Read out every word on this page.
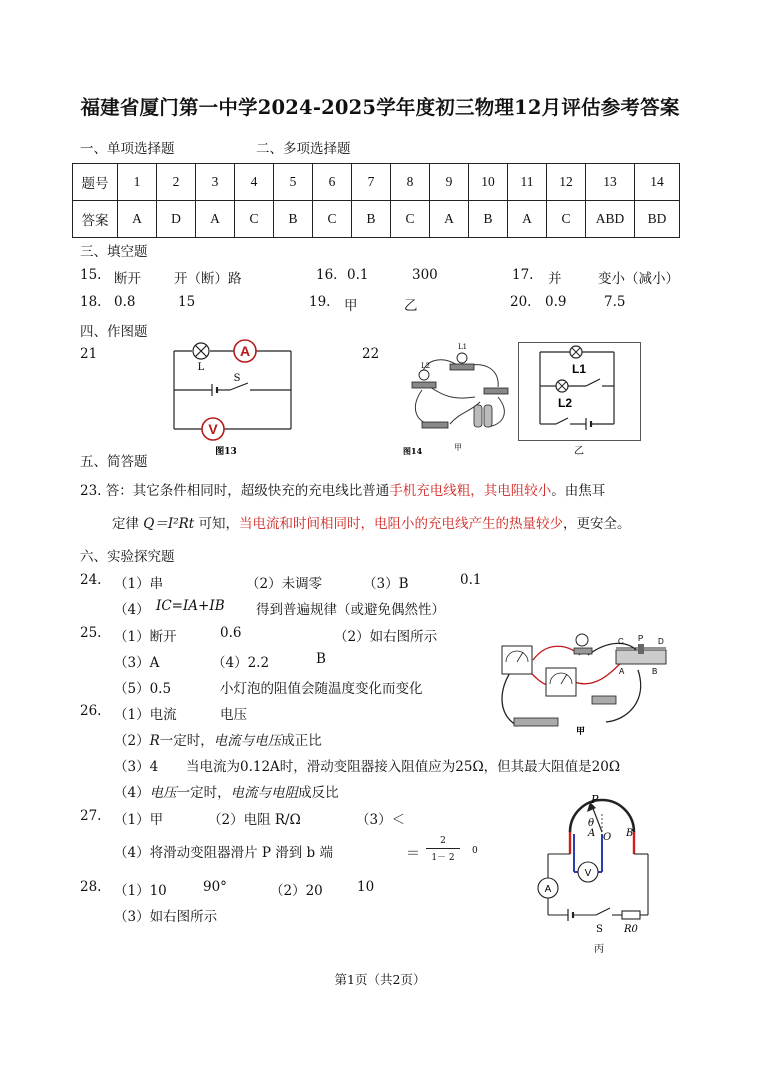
福建省厦门第一中学2024-2025学年度初三物理12月评估参考答案
一、单项选择题	二、多项选择题
题号	1	2	3	4	5	6	7	8	9	10	11	12	13	14
答案	A	D	A	C	B	C	B	C	A	B	A	C	ABD	BD
三、填空题
15. 断开 开（断）路	16. 0.1	300	17. 并	变小（减小）
18. 0.8	15	19. 甲	乙	20. 0.9	7.5
四、作图题
21	22
A
V
L
S
图13
L1
L2
甲
图14
L1
L2
乙
五、简答题
23. 答：其它条件相同时，超级快充的充电线比普通手机充电线粗，其电阻较小。由焦耳
定律 Q＝I²Rt 可知，当电流和时间相同时，电阻小的充电线产生的热量较少，更安全。
六、实验探究题
24. （1）串	（2）未调零	（3）B	0.1
（4） IC=IA+IB 得到普遍规律（或避免偶然性）
25. （1）断开	0.6	（2）如右图所示
（3）A	（4）2.2	B
（5）0.5	小灯泡的阻值会随温度变化而变化
C P D
A	B
甲
26. （1）电流	电压
（2）R一定时，电流与电压成正比
（3）4 当电流为0.12A时，滑动变阻器接入阻值应为25Ω，但其最大阻值是20Ω
（4）电压一定时，电流与电阻成反比
27. （1）甲	（2）电阻 R/Ω	（3）＜
（4）将滑动变阻器滑片 P 滑到 b 端	＝
2
1－ 2
0
28. （1）10	90°	（2）20	10
（3）如右图所示
A	B
O
P
θ
V
A
S R0
丙
第1页（共2页）
